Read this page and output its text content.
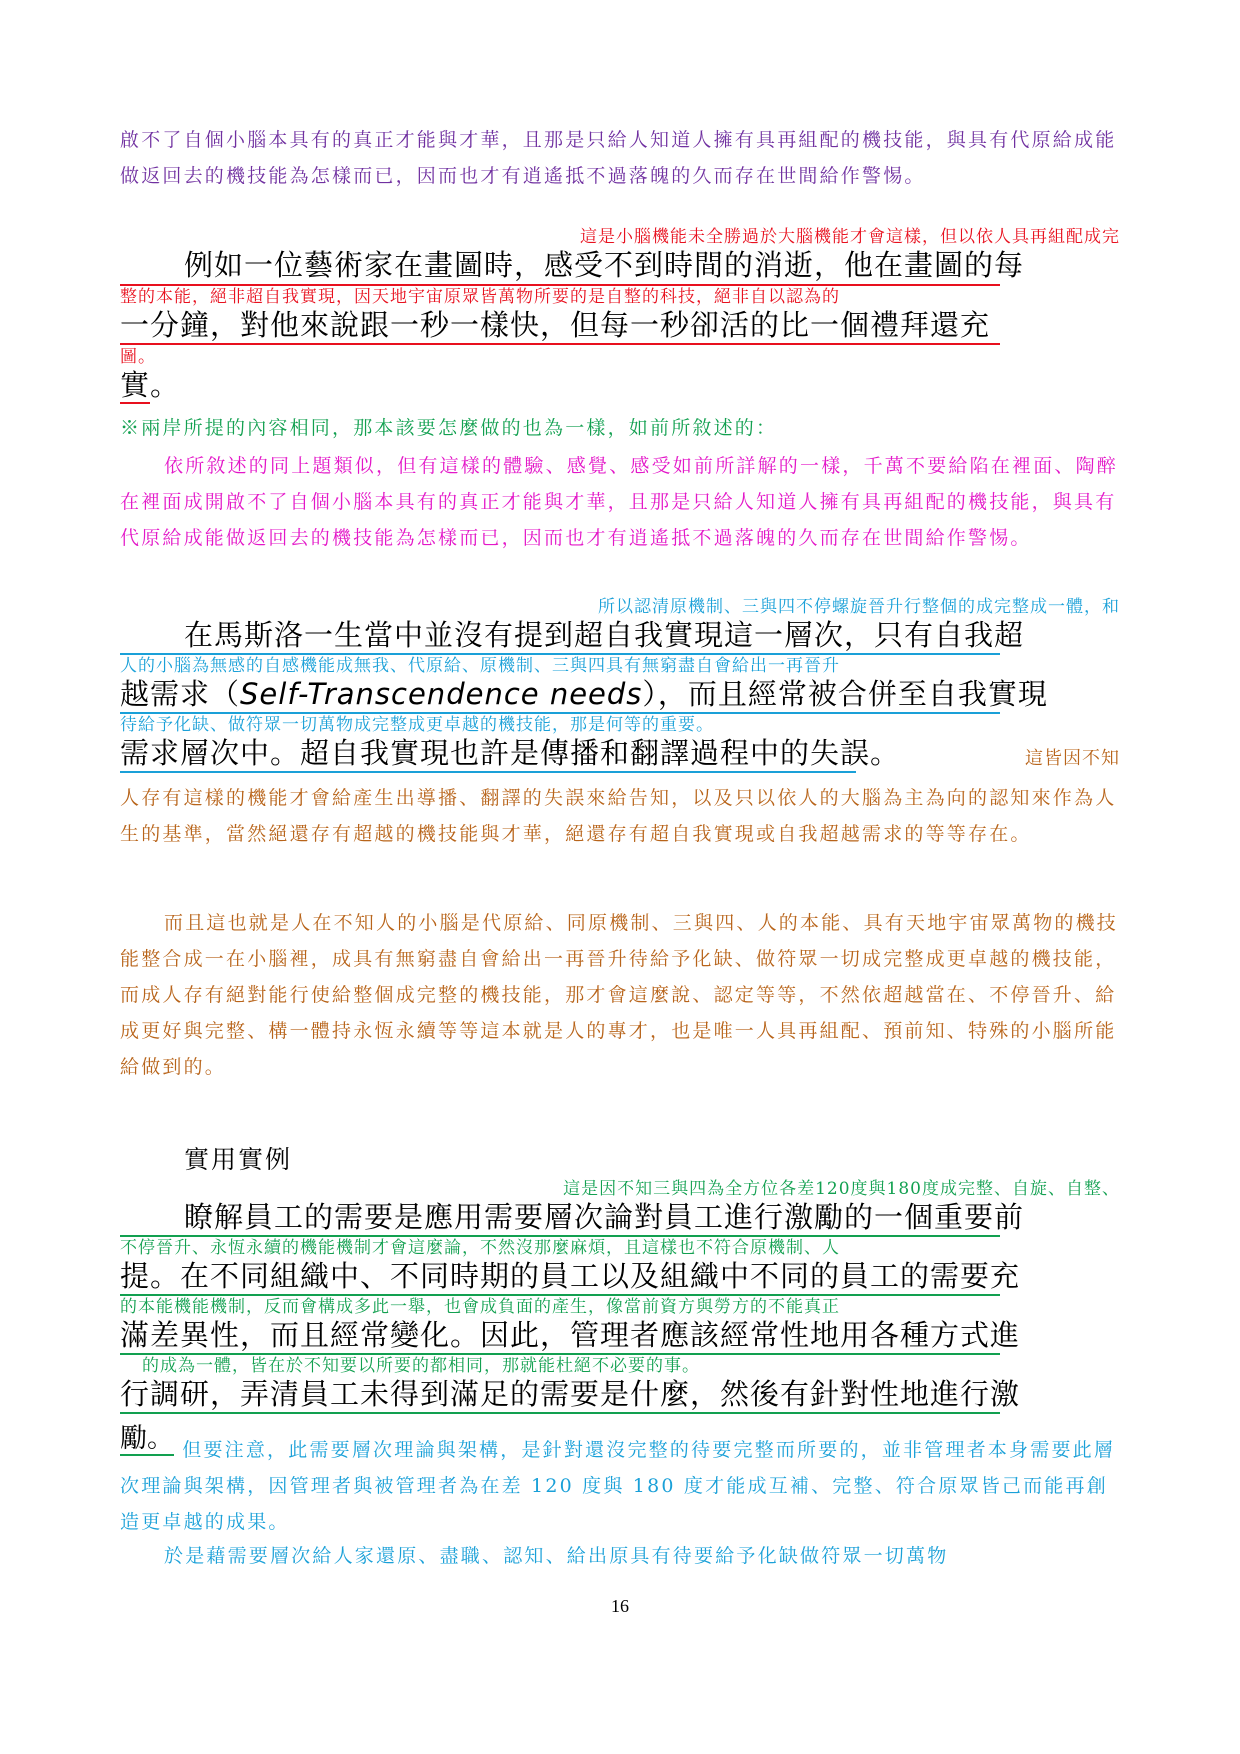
啟不了自個小腦本具有的真正才能與才華，且那是只給人知道人擁有具再組配的機技能，與具有代原給成能做返回去的機技能為怎樣而已，因而也才有逍遙抵不過落魄的久而存在世間給作警惕。

這是小腦機能未全勝過於大腦機能才會這樣，但以依人具再組配成完
例如一位藝術家在畫圖時，感受不到時間的消逝，他在畫圖的每
整的本能，絕非超自我實現，因天地宇宙原眾皆萬物所要的是自整的科技，絕非自以認為的
一分鐘，對他來說跟一秒一樣快，但每一秒卻活的比一個禮拜還充
圖。
實。
※兩岸所提的內容相同，那本該要怎麼做的也為一樣，如前所敘述的：

依所敘述的同上題類似，但有這樣的體驗、感覺、感受如前所詳解的一樣，千萬不要給陷在裡面、陶醉在裡面成開啟不了自個小腦本具有的真正才能與才華，且那是只給人知道人擁有具再組配的機技能，與具有代原給成能做返回去的機技能為怎樣而已，因而也才有逍遙抵不過落魄的久而存在世間給作警惕。

所以認清原機制、三與四不停螺旋晉升行整個的成完整成一體，和
在馬斯洛一生當中並沒有提到超自我實現這一層次，只有自我超
人的小腦為無感的自感機能成無我、代原給、原機制、三與四具有無窮盡自會給出一再晉升
越需求（Self-Transcendence needs），而且經常被合併至自我實現
待給予化缺、做符眾一切萬物成完整成更卓越的機技能，那是何等的重要。
需求層次中。超自我實現也許是傳播和翻譯過程中的失誤。	這皆因不知

人存有這樣的機能才會給產生出導播、翻譯的失誤來給告知，以及只以依人的大腦為主為向的認知來作為人生的基準，當然絕還存有超越的機技能與才華，絕還存有超自我實現或自我超越需求的等等存在。

而且這也就是人在不知人的小腦是代原給、同原機制、三與四、人的本能、具有天地宇宙眾萬物的機技能整合成一在小腦裡，成具有無窮盡自會給出一再晉升待給予化缺、做符眾一切成完整成更卓越的機技能，而成人存有絕對能行使給整個成完整的機技能，那才會這麼說、認定等等，不然依超越當在、不停晉升、給成更好與完整、構一體持永恆永續等等這本就是人的專才，也是唯一人具再組配、預前知、特殊的小腦所能給做到的。

實用實例
這是因不知三與四為全方位各差120度與180度成完整、自旋、自整、
瞭解員工的需要是應用需要層次論對員工進行激勵的一個重要前
不停晉升、永恆永續的機能機制才會這麼論，不然沒那麼麻煩，且這樣也不符合原機制、人
提。在不同組織中、不同時期的員工以及組織中不同的員工的需要充
的本能機能機制，反而會構成多此一舉，也會成負面的產生，像當前資方與勞方的不能真正
滿差異性，而且經常變化。因此，管理者應該經常性地用各種方式進
的成為一體，皆在於不知要以所要的都相同，那就能杜絕不必要的事。
行調研，弄清員工未得到滿足的需要是什麼，然後有針對性地進行激

勵。 但要注意，此需要層次理論與架構，是針對還沒完整的待要完整而所要的，並非管理者本身需要此層次理論與架構，因管理者與被管理者為在差 120 度與 180 度才能成互補、完整、符合原眾皆己而能再創造更卓越的成果。

於是藉需要層次給人家還原、盡職、認知、給出原具有待要給予化缺做符眾一切萬物

16
